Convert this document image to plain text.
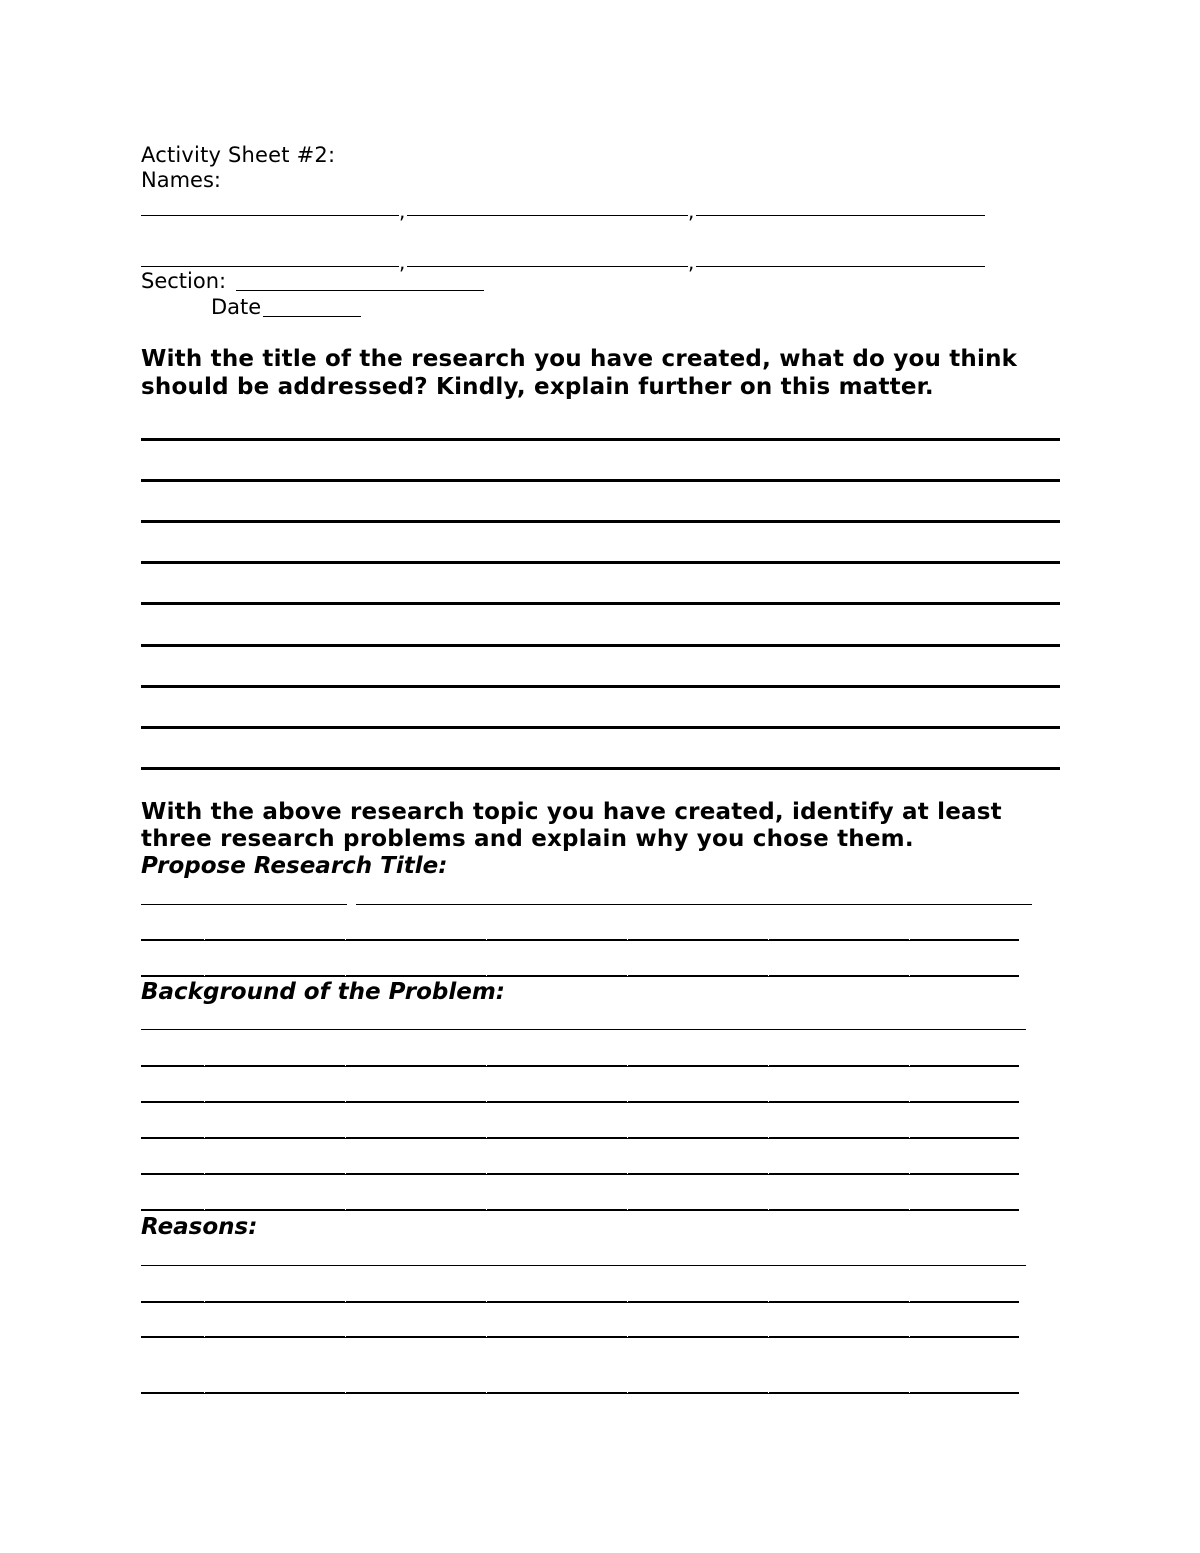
Activity Sheet #2:
Names:
,	,
,	,
Section:
Date
With the title of the research you have created, what do you think
should be addressed? Kindly, explain further on this matter.
With the above research topic you have created, identify at least
three research problems and explain why you chose them.
Propose Research Title:
Background of the Problem:
Reasons:
